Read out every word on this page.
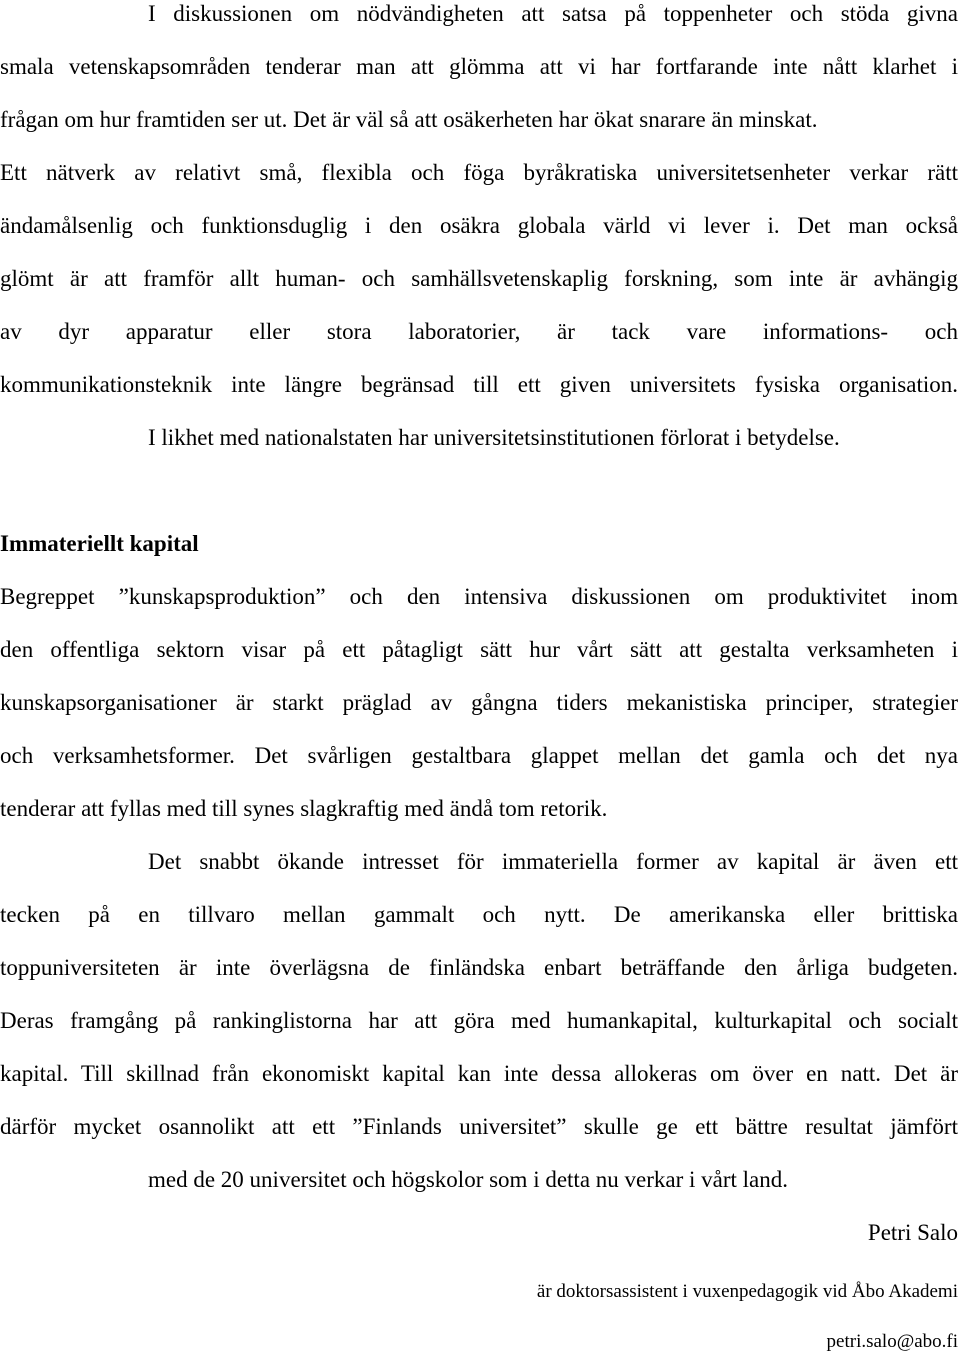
I diskussionen om nödvändigheten att satsa på toppenheter och stöda givna
smala vetenskapsområden tenderar man att glömma att vi har fortfarande inte nått klarhet i
frågan om hur framtiden ser ut. Det är väl så att osäkerheten har ökat snarare än minskat.
Ett nätverk av relativt små, flexibla och föga byråkratiska universitetsenheter verkar rätt
ändamålsenlig och funktionsduglig i den osäkra globala värld vi lever i. Det man också
glömt är att framför allt human- och samhällsvetenskaplig forskning, som inte är avhängig
av dyr apparatur eller stora laboratorier, är tack vare informations- och
kommunikationsteknik inte längre begränsad till ett given universitets fysiska organisation.
I likhet med nationalstaten har universitetsinstitutionen förlorat i betydelse.
Immateriellt kapital
Begreppet ”kunskapsproduktion” och den intensiva diskussionen om produktivitet inom
den offentliga sektorn visar på ett påtagligt sätt hur vårt sätt att gestalta verksamheten i
kunskapsorganisationer är starkt präglad av gångna tiders mekanistiska principer, strategier
och verksamhetsformer. Det svårligen gestaltbara glappet mellan det gamla och det nya
tenderar att fyllas med till synes slagkraftig med ändå tom retorik.
Det snabbt ökande intresset för immateriella former av kapital är även ett
tecken på en tillvaro mellan gammalt och nytt. De amerikanska eller brittiska
toppuniversiteten är inte överlägsna de finländska enbart beträffande den årliga budgeten.
Deras framgång på rankinglistorna har att göra med humankapital, kulturkapital och socialt
kapital. Till skillnad från ekonomiskt kapital kan inte dessa allokeras om över en natt. Det är
därför mycket osannolikt att ett ”Finlands universitet” skulle ge ett bättre resultat jämfört
med de 20 universitet och högskolor som i detta nu verkar i vårt land.
Petri Salo
är doktorsassistent i vuxenpedagogik vid Åbo Akademi
petri.salo@abo.fi
